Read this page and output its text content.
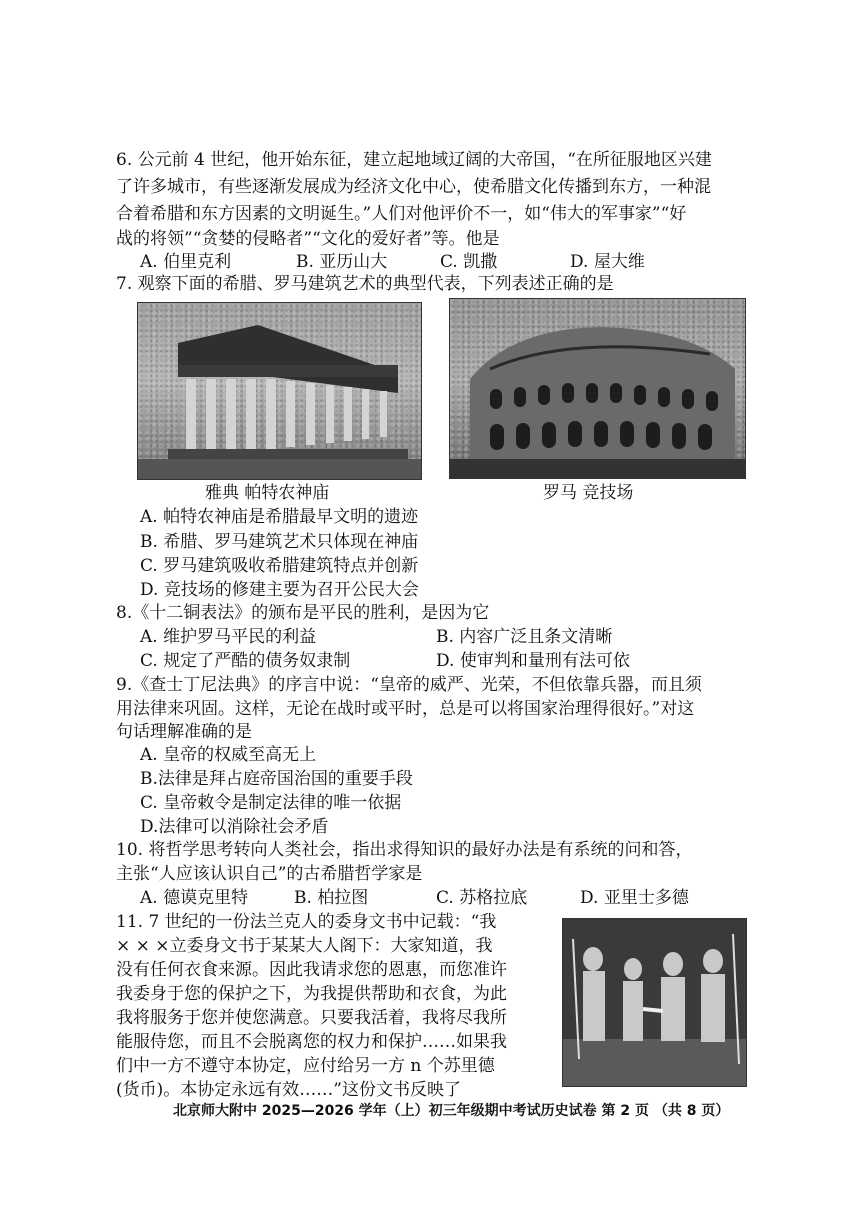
6. 公元前 4 世纪，他开始东征，建立起地域辽阔的大帝国，“在所征服地区兴建
了许多城市，有些逐渐发展成为经济文化中心，使希腊文化传播到东方，一种混
合着希腊和东方因素的文明诞生。”人们对他评价不一，如“伟大的军事家”“好
战的将领”“贪婪的侵略者”“文化的爱好者”等。他是
A. 伯里克利	B. 亚历山大	C. 凯撒	D. 屋大维
7. 观察下面的希腊、罗马建筑艺术的典型代表，下列表述正确的是
雅典 帕特农神庙	罗马 竞技场
A. 帕特农神庙是希腊最早文明的遗迹
B. 希腊、罗马建筑艺术只体现在神庙
C. 罗马建筑吸收希腊建筑特点并创新
D. 竞技场的修建主要为召开公民大会
8.《十二铜表法》的颁布是平民的胜利，是因为它
A. 维护罗马平民的利益	B. 内容广泛且条文清晰
C. 规定了严酷的债务奴隶制	D. 使审判和量刑有法可依
9.《查士丁尼法典》的序言中说：“皇帝的威严、光荣，不但依靠兵器，而且须
用法律来巩固。这样，无论在战时或平时，总是可以将国家治理得很好。”对这
句话理解准确的是
A. 皇帝的权威至高无上
B.法律是拜占庭帝国治国的重要手段
C. 皇帝敕令是制定法律的唯一依据
D.法律可以消除社会矛盾
10. 将哲学思考转向人类社会，指出求得知识的最好办法是有系统的问和答，
主张“人应该认识自己”的古希腊哲学家是
A. 德谟克里特	B. 柏拉图	C. 苏格拉底	D. 亚里士多德
11. 7 世纪的一份法兰克人的委身文书中记载：“我
× × ×立委身文书于某某大人阁下：大家知道，我
没有任何衣食来源。因此我请求您的恩惠，而您准许
我委身于您的保护之下，为我提供帮助和衣食，为此
我将服务于您并使您满意。只要我活着，我将尽我所
能服侍您，而且不会脱离您的权力和保护……如果我
们中一方不遵守本协定，应付给另一方 n 个苏里德
(货币)。本协定永远有效……”这份文书反映了
北京师大附中 2025—2026 学年（上）初三年级期中考试历史试卷 第 2 页 （共 8 页）
